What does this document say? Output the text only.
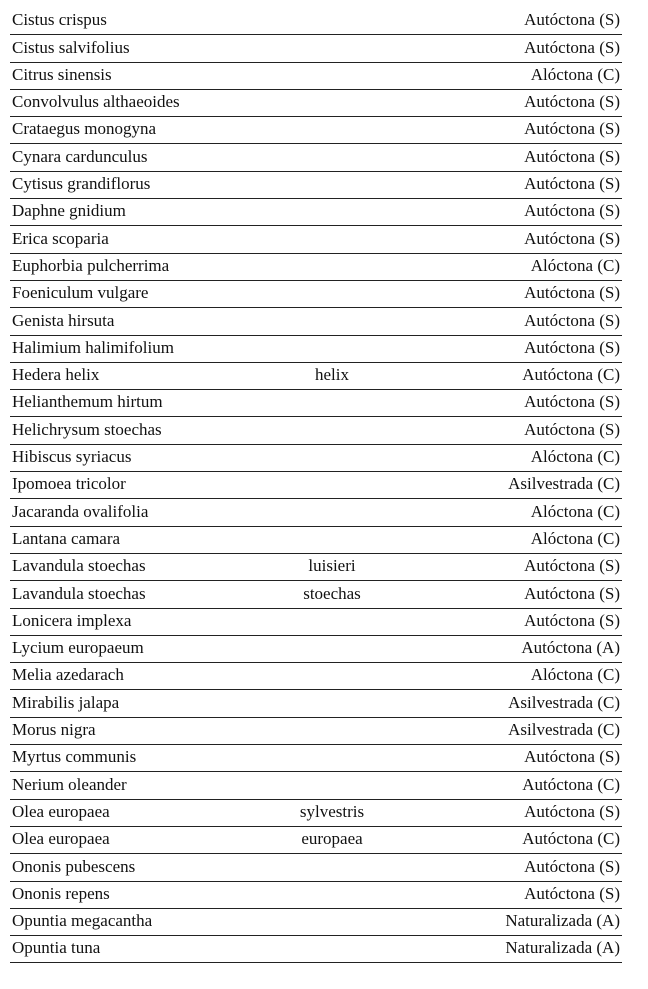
Cistus crispus	Autóctona (S)
Cistus salvifolius	Autóctona (S)
Citrus sinensis	Alóctona (C)
Convolvulus althaeoides	Autóctona (S)
Crataegus monogyna	Autóctona (S)
Cynara cardunculus	Autóctona (S)
Cytisus grandiflorus	Autóctona (S)
Daphne gnidium	Autóctona (S)
Erica scoparia	Autóctona (S)
Euphorbia pulcherrima	Alóctona (C)
Foeniculum vulgare	Autóctona (S)
Genista hirsuta	Autóctona (S)
Halimium halimifolium	Autóctona (S)
Hedera helix	helix	Autóctona (C)
Helianthemum hirtum	Autóctona (S)
Helichrysum stoechas	Autóctona (S)
Hibiscus syriacus	Alóctona (C)
Ipomoea tricolor	Asilvestrada (C)
Jacaranda ovalifolia	Alóctona (C)
Lantana camara	Alóctona (C)
Lavandula stoechas	luisieri	Autóctona (S)
Lavandula stoechas	stoechas	Autóctona (S)
Lonicera implexa	Autóctona (S)
Lycium europaeum	Autóctona (A)
Melia azedarach	Alóctona (C)
Mirabilis jalapa	Asilvestrada (C)
Morus nigra	Asilvestrada (C)
Myrtus communis	Autóctona (S)
Nerium oleander	Autóctona (C)
Olea europaea	sylvestris	Autóctona (S)
Olea europaea	europaea	Autóctona (C)
Ononis pubescens	Autóctona (S)
Ononis repens	Autóctona (S)
Opuntia megacantha	Naturalizada (A)
Opuntia tuna	Naturalizada (A)
